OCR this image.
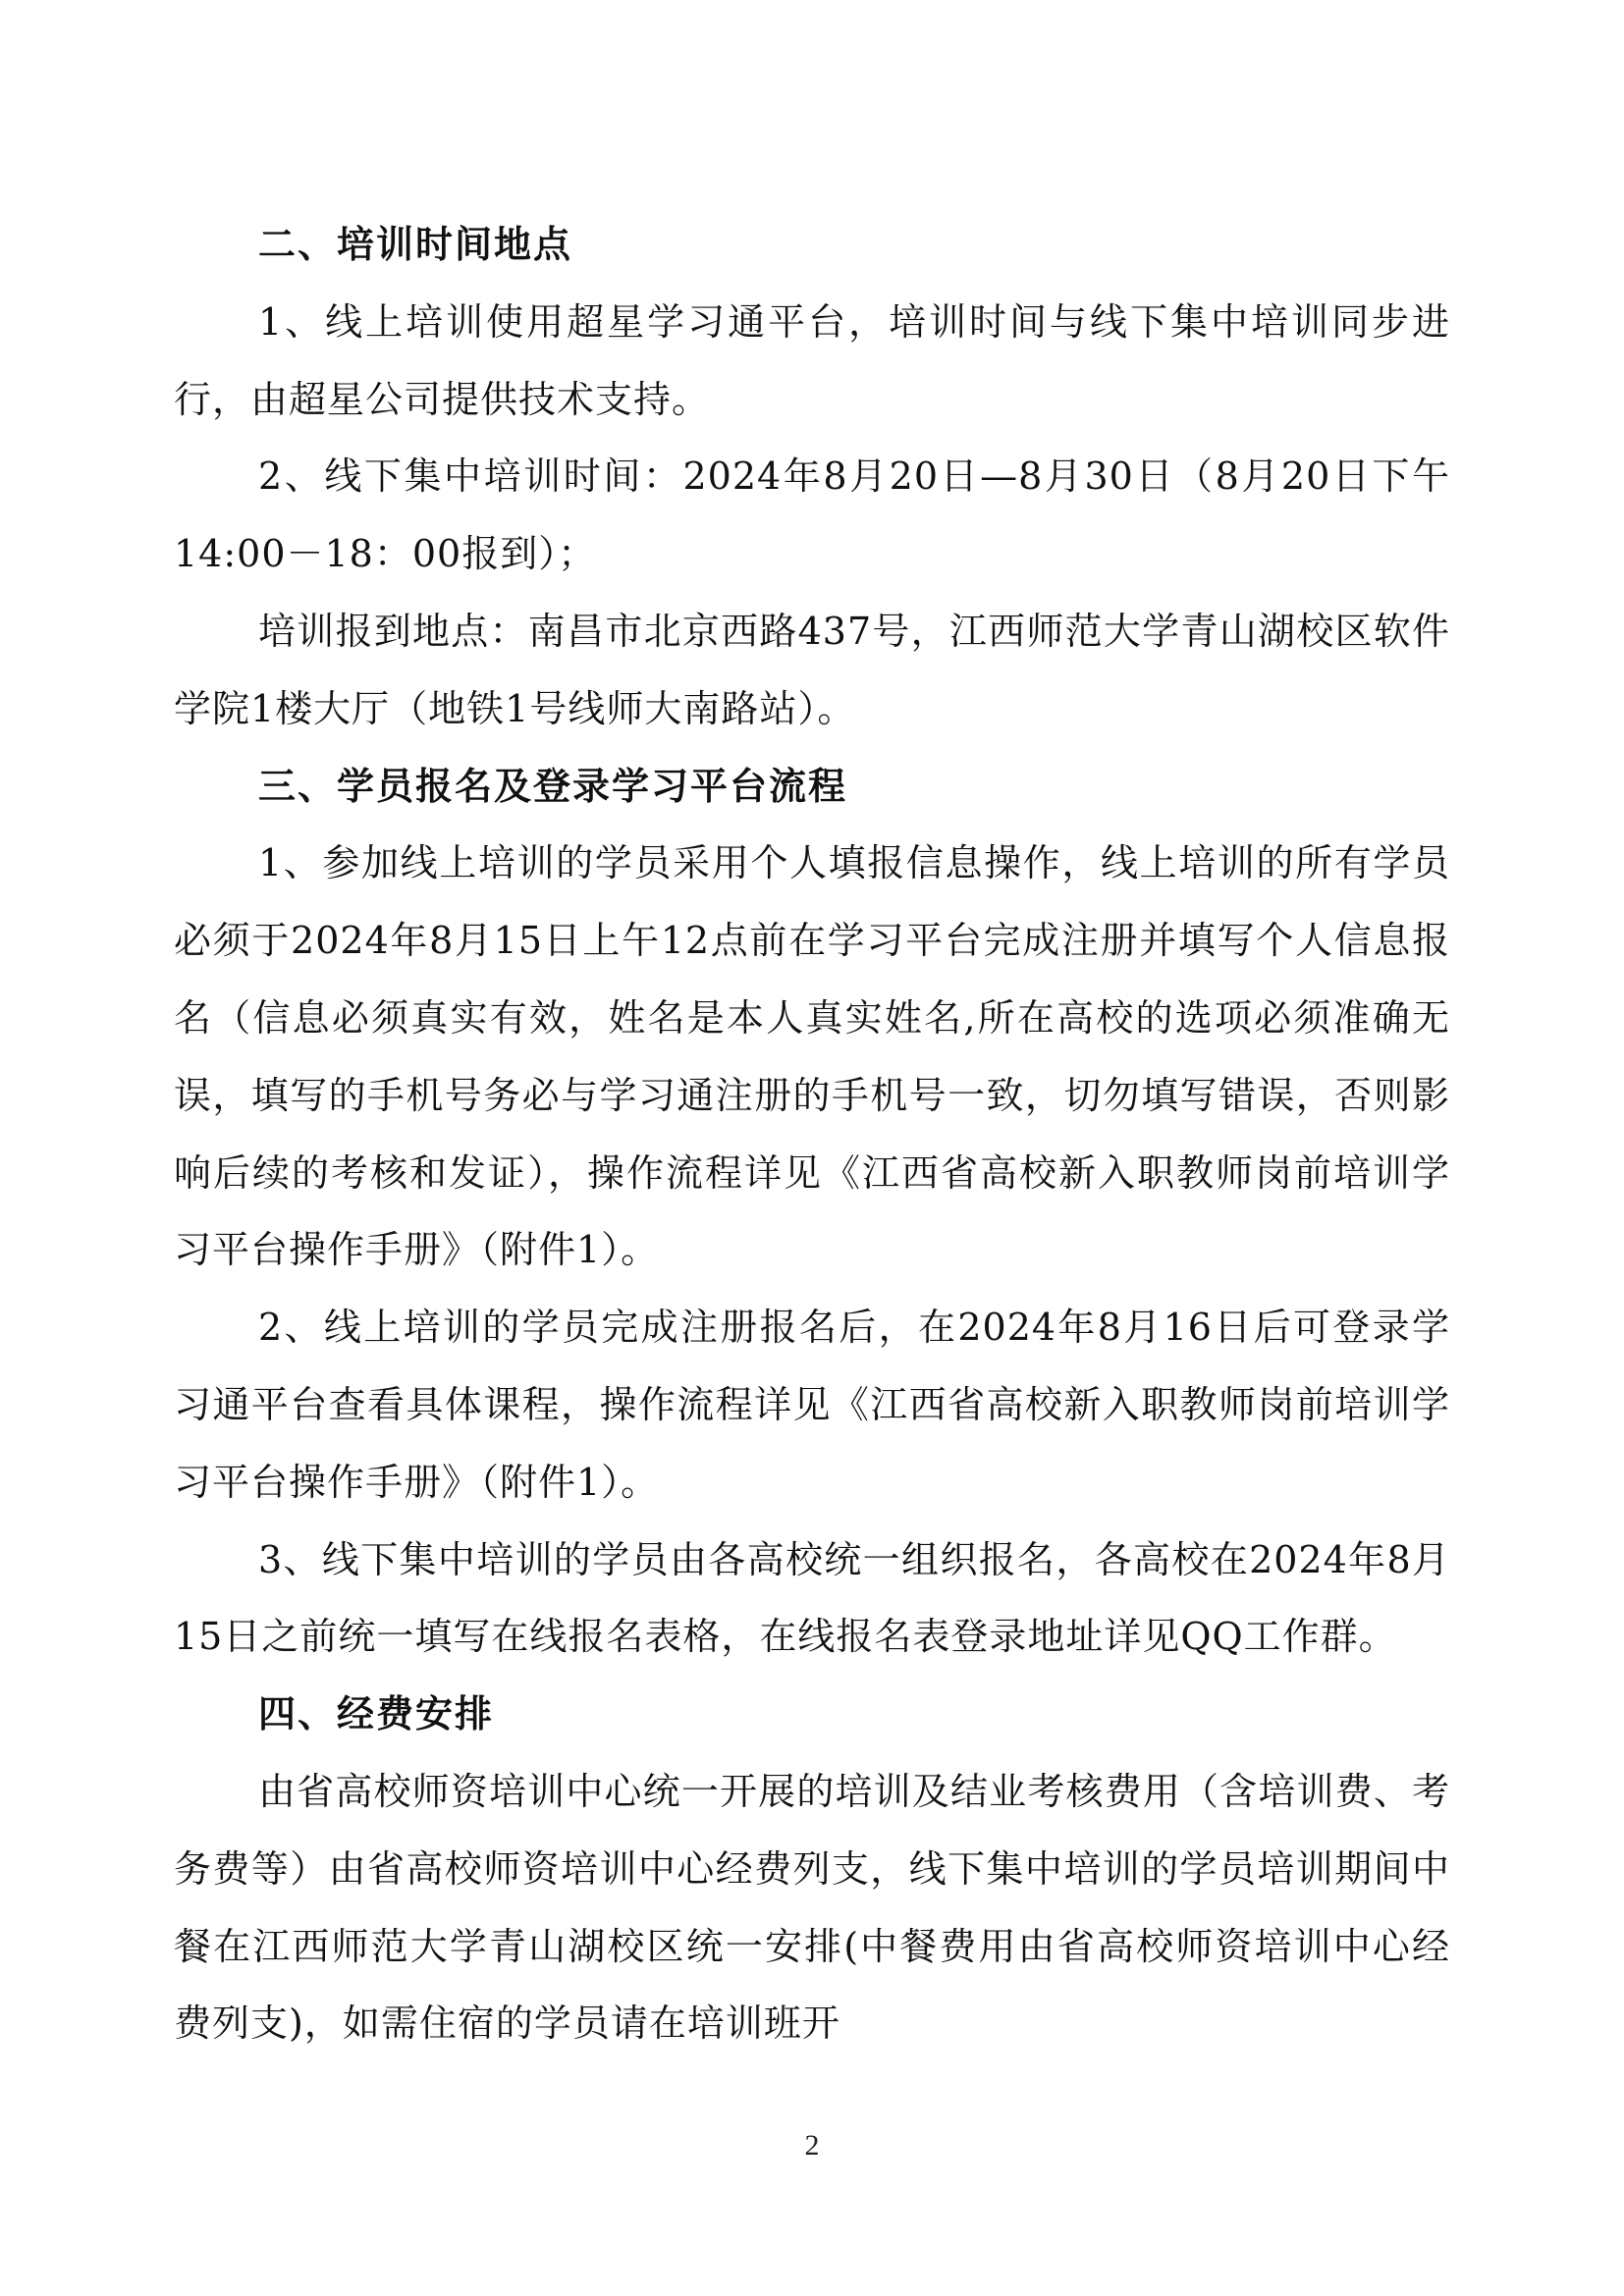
二、培训时间地点

1、线上培训使用超星学习通平台，培训时间与线下集中培训同步进行，由超星公司提供技术支持。

2、线下集中培训时间：2024年8月20日—8月30日（8月20日下午14:00－18：00报到）；

培训报到地点：南昌市北京西路437号，江西师范大学青山湖校区软件学院1楼大厅（地铁1号线师大南路站）。

三、学员报名及登录学习平台流程

1、参加线上培训的学员采用个人填报信息操作，线上培训的所有学员必须于2024年8月15日上午12点前在学习平台完成注册并填写个人信息报名（信息必须真实有效，姓名是本人真实姓名,所在高校的选项必须准确无误，填写的手机号务必与学习通注册的手机号一致，切勿填写错误，否则影响后续的考核和发证），操作流程详见《江西省高校新入职教师岗前培训学习平台操作手册》（附件1）。

2、线上培训的学员完成注册报名后，在2024年8月16日后可登录学习通平台查看具体课程，操作流程详见《江西省高校新入职教师岗前培训学习平台操作手册》（附件1）。

3、线下集中培训的学员由各高校统一组织报名，各高校在2024年8月15日之前统一填写在线报名表格，在线报名表登录地址详见QQ工作群。

四、经费安排

由省高校师资培训中心统一开展的培训及结业考核费用（含培训费、考务费等）由省高校师资培训中心经费列支，线下集中培训的学员培训期间中餐在江西师范大学青山湖校区统一安排(中餐费用由省高校师资培训中心经费列支)，如需住宿的学员请在培训班开

2
